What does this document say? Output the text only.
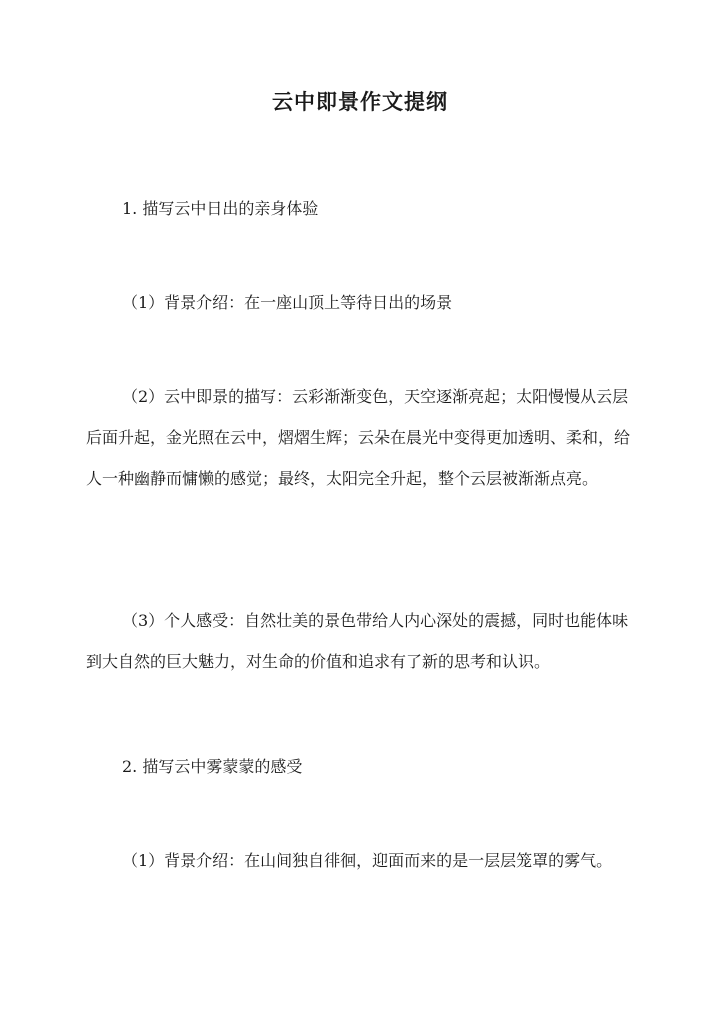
云中即景作文提纲

1. 描写云中日出的亲身体验

（1）背景介绍：在一座山顶上等待日出的场景

（2）云中即景的描写：云彩渐渐变色，天空逐渐亮起；太阳慢慢从云层后面升起，金光照在云中，熠熠生辉；云朵在晨光中变得更加透明、柔和，给人一种幽静而慵懒的感觉；最终，太阳完全升起，整个云层被渐渐点亮。

（3）个人感受：自然壮美的景色带给人内心深处的震撼，同时也能体味到大自然的巨大魅力，对生命的价值和追求有了新的思考和认识。

2. 描写云中雾蒙蒙的感受

（1）背景介绍：在山间独自徘徊，迎面而来的是一层层笼罩的雾气。
